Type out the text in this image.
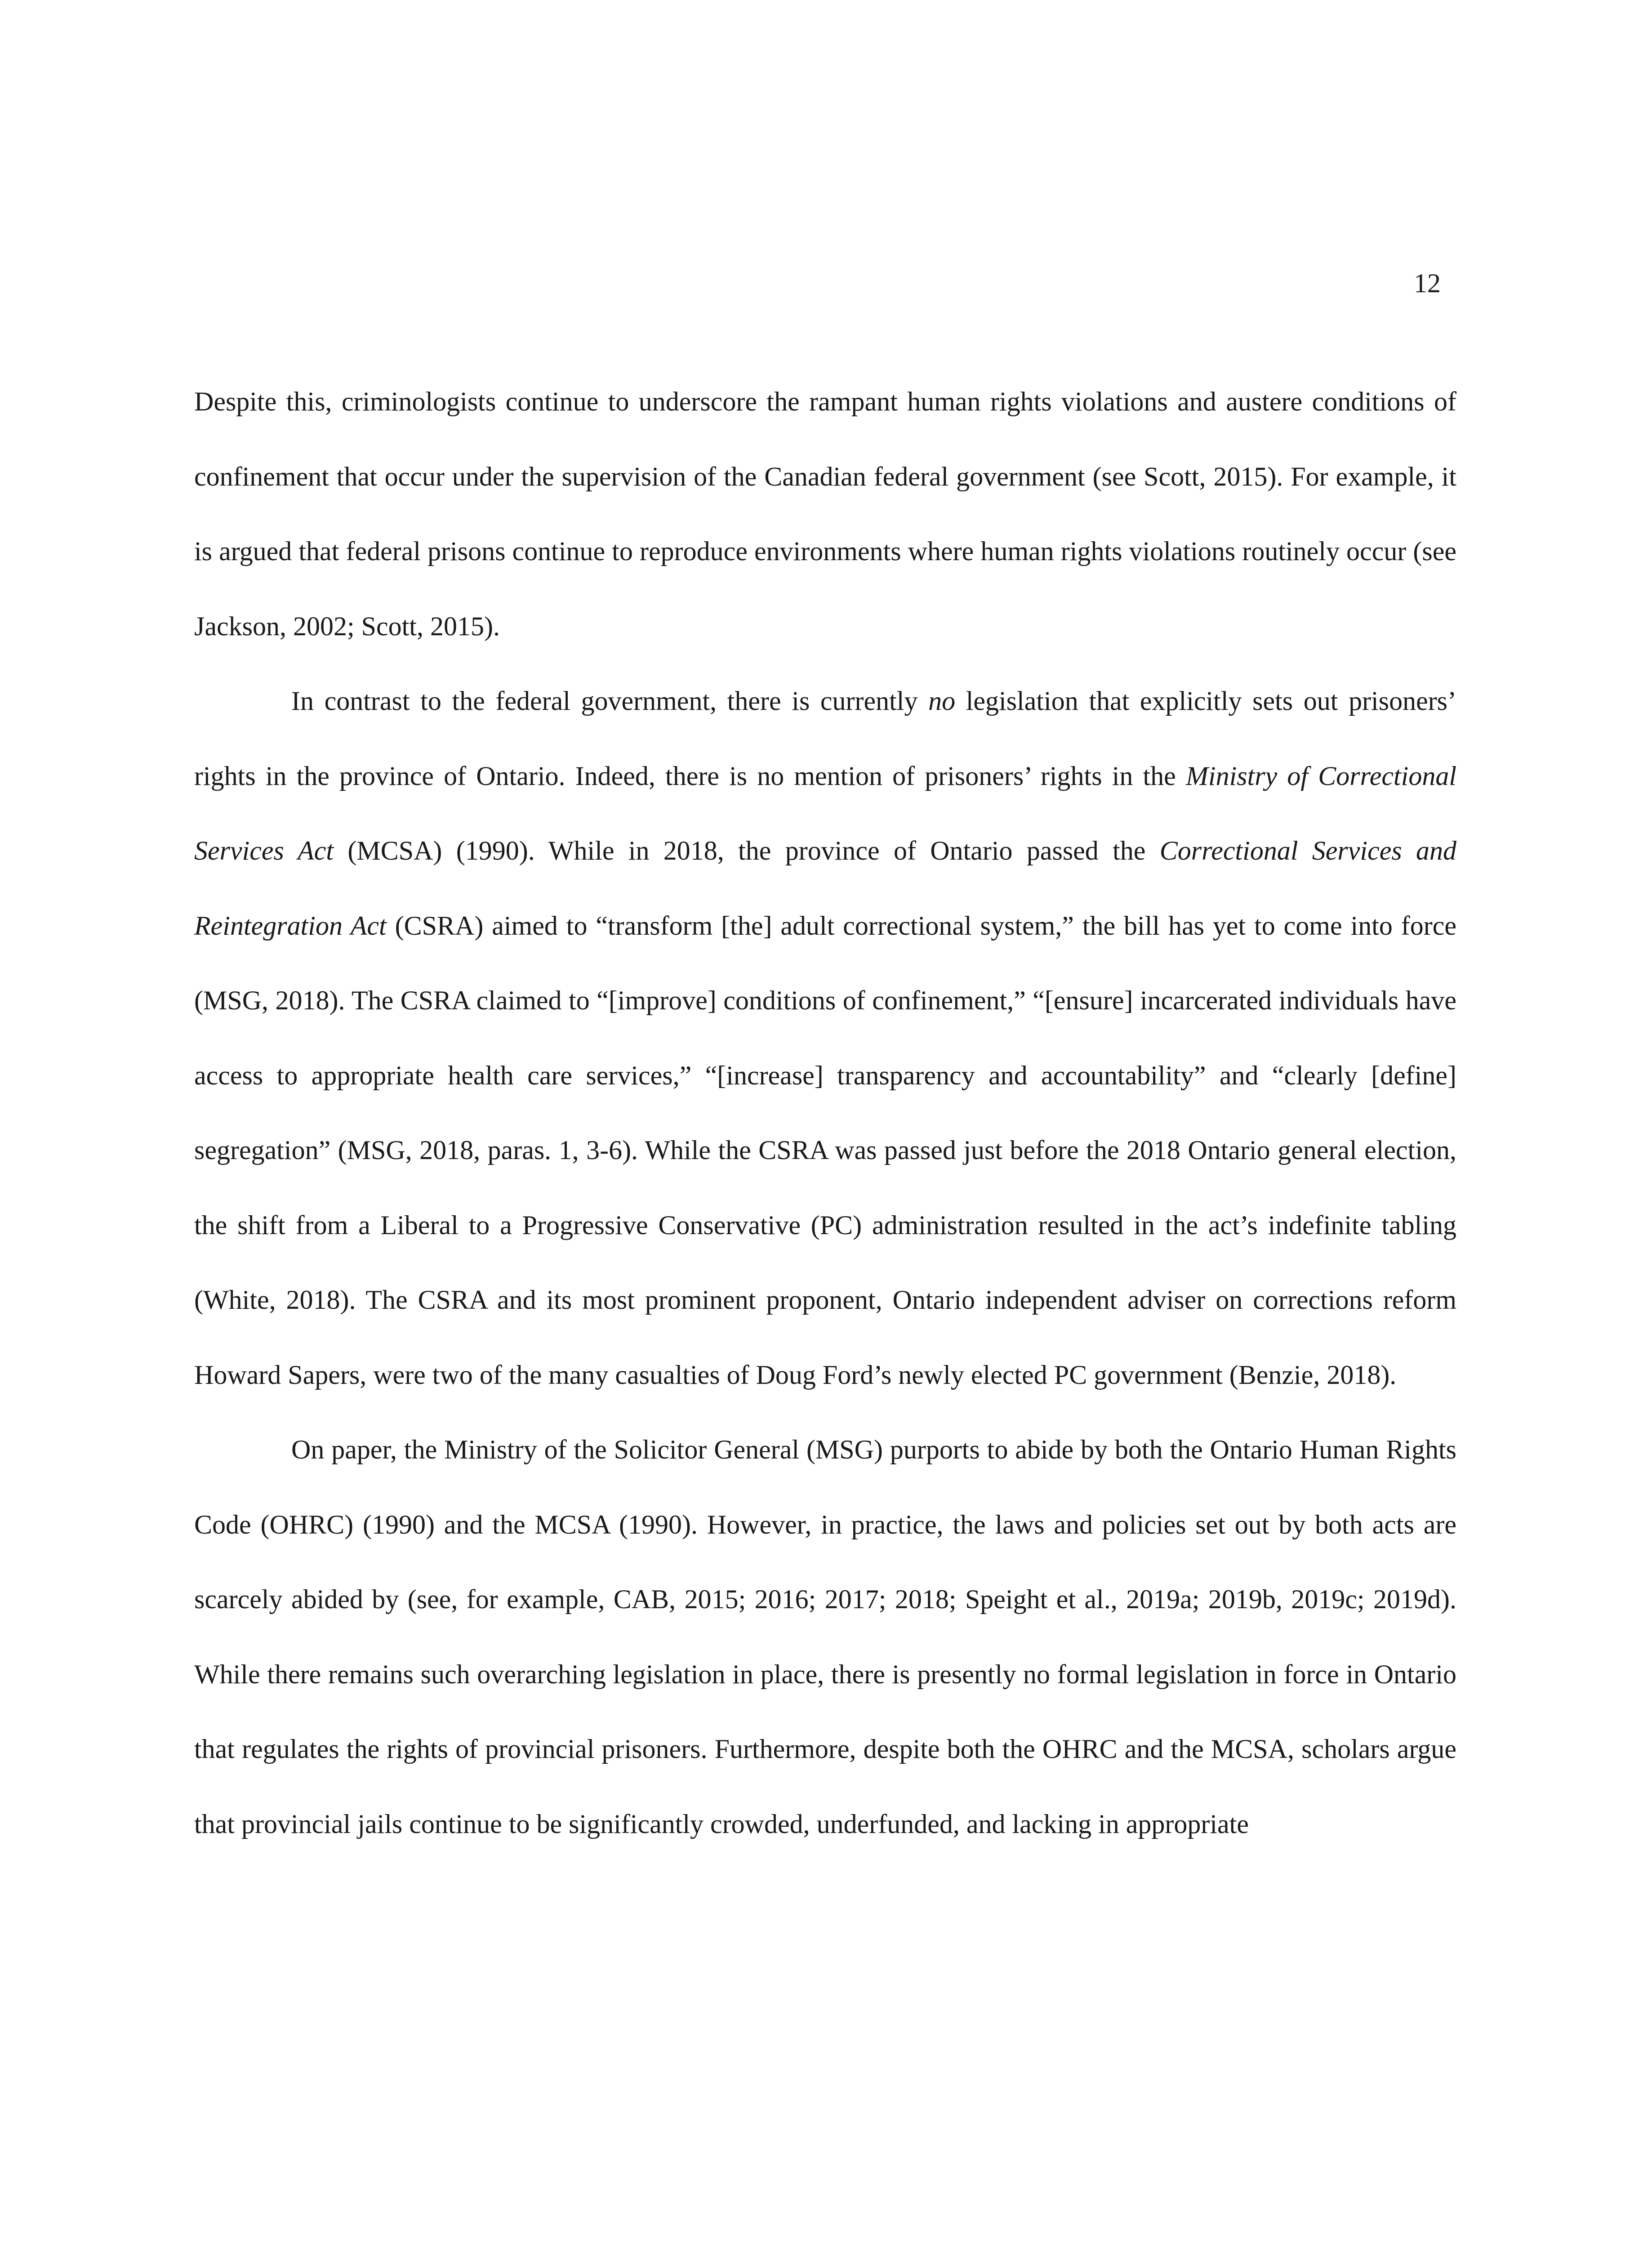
12

Despite this, criminologists continue to underscore the rampant human rights violations and austere conditions of confinement that occur under the supervision of the Canadian federal government (see Scott, 2015). For example, it is argued that federal prisons continue to reproduce environments where human rights violations routinely occur (see Jackson, 2002; Scott, 2015).

In contrast to the federal government, there is currently no legislation that explicitly sets out prisoners’ rights in the province of Ontario. Indeed, there is no mention of prisoners’ rights in the Ministry of Correctional Services Act (MCSA) (1990). While in 2018, the province of Ontario passed the Correctional Services and Reintegration Act (CSRA) aimed to “transform [the] adult correctional system,” the bill has yet to come into force (MSG, 2018). The CSRA claimed to “[improve] conditions of confinement,” “[ensure] incarcerated individuals have access to appropriate health care services,” “[increase] transparency and accountability” and “clearly [define] segregation” (MSG, 2018, paras. 1, 3-6). While the CSRA was passed just before the 2018 Ontario general election, the shift from a Liberal to a Progressive Conservative (PC) administration resulted in the act’s indefinite tabling (White, 2018). The CSRA and its most prominent proponent, Ontario independent adviser on corrections reform Howard Sapers, were two of the many casualties of Doug Ford’s newly elected PC government (Benzie, 2018).

On paper, the Ministry of the Solicitor General (MSG) purports to abide by both the Ontario Human Rights Code (OHRC) (1990) and the MCSA (1990). However, in practice, the laws and policies set out by both acts are scarcely abided by (see, for example, CAB, 2015; 2016; 2017; 2018; Speight et al., 2019a; 2019b, 2019c; 2019d). While there remains such overarching legislation in place, there is presently no formal legislation in force in Ontario that regulates the rights of provincial prisoners. Furthermore, despite both the OHRC and the MCSA, scholars argue that provincial jails continue to be significantly crowded, underfunded, and lacking in appropriate
